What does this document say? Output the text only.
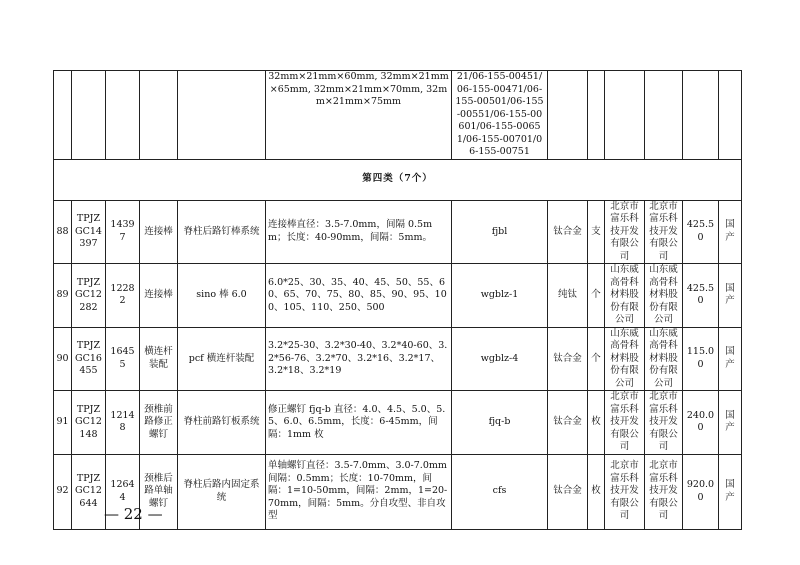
					32mm×21mm×60mm, 32mm×21mm×65mm, 32mm×21mm×70mm, 32mm×21mm×75mm	21/06-155-00451/06-155-00471/06-155-00501/06-155-00551/06-155-00601/06-155-00651/06-155-00701/06-155-00751						
第四类（7个）												
88	TPJZGC14397	14397	连接棒	脊柱后路钉棒系统	连接棒直径：3.5-7.0mm，间隔 0.5mm；长度：40-90mm，间隔：5mm。	fjbl	钛合金	支	北京市富乐科技开发有限公司	北京市富乐科技开发有限公司	425.50	国产
89	TPJZGC12282	12282	连接棒	sino 棒 6.0	6.0*25、30、35、40、45、50、55、60、65、70、75、80、85、90、95、100、105、110、250、500	wgblz-1	纯钛	个	山东威高骨科材料股份有限公司	山东威高骨科材料股份有限公司	425.50	国产
90	TPJZGC16455	16455	横连杆装配	pcf 横连杆装配	3.2*25-30、3.2*30-40、3.2*40-60、3.2*56-76、3.2*70、3.2*16、3.2*17、3.2*18、3.2*19	wgblz-4	钛合金	个	山东威高骨科材料股份有限公司	山东威高骨科材料股份有限公司	115.00	国产
91	TPJZGC12148	12148	颈椎前路修正螺钉	脊柱前路钉板系统	修正螺钉 fjq-b 直径：4.0、4.5、5.0、5.5、6.0、6.5mm，长度：6-45mm，间隔：1mm 枚	fjq-b	钛合金	枚	北京市富乐科技开发有限公司	北京市富乐科技开发有限公司	240.00	国产
92	TPJZGC12644	12644	颈椎后路单轴螺钉	脊柱后路内固定系统	单轴螺钉直径：3.5-7.0mm、3.0-7.0mm 间隔：0.5mm；长度：10-70mm，间隔：1=10-50mm，间隔：2mm，1=20-70mm，间隔：5mm。分自攻型、非自攻型	cfs	钛合金	枚	北京市富乐科技开发有限公司	北京市富乐科技开发有限公司	920.00	国产
— 22 —
